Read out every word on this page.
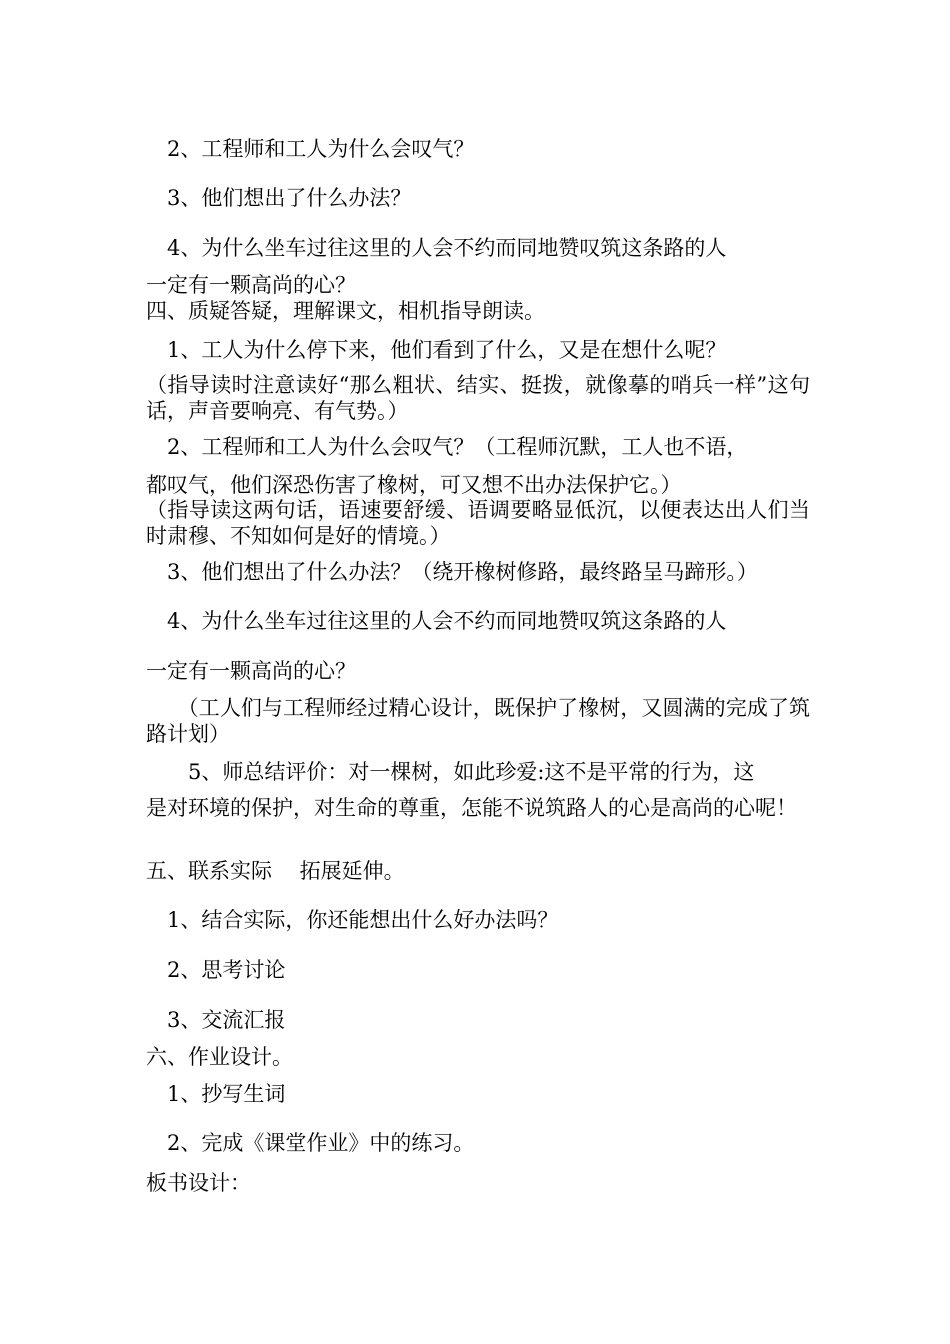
　2、工程师和工人为什么会叹气？
　3、他们想出了什么办法？
　4、为什么坐车过往这里的人会不约而同地赞叹筑这条路的人
一定有一颗高尚的心？
四、质疑答疑，理解课文，相机指导朗读。
　1、工人为什么停下来，他们看到了什么，又是在想什么呢？
（指导读时注意读好“那么粗状、结实、挺拨，就像摹的哨兵一样”这句话，声音要响亮、有气势。）
　2、工程师和工人为什么会叹气？（工程师沉默，工人也不语，
都叹气，他们深恐伤害了橡树，可又想不出办法保护它。）
（指导读这两句话，语速要舒缓、语调要略显低沉，以便表达出人们当时肃穆、不知如何是好的情境。）
　3、他们想出了什么办法？（绕开橡树修路，最终路呈马蹄形。）
　4、为什么坐车过往这里的人会不约而同地赞叹筑这条路的人
一定有一颗高尚的心？
　　（工人们与工程师经过精心设计，既保护了橡树，又圆满的完成了筑路计划）
　　5、师总结评价：对一棵树，如此珍爱:这不是平常的行为，这
是对环境的保护，对生命的尊重，怎能不说筑路人的心是高尚的心呢！
五、联系实际　 拓展延伸。
　1、结合实际，你还能想出什么好办法吗？
　2、思考讨论
　3、交流汇报
六、作业设计。
　1、抄写生词
　2、完成《课堂作业》中的练习。
板书设计：
